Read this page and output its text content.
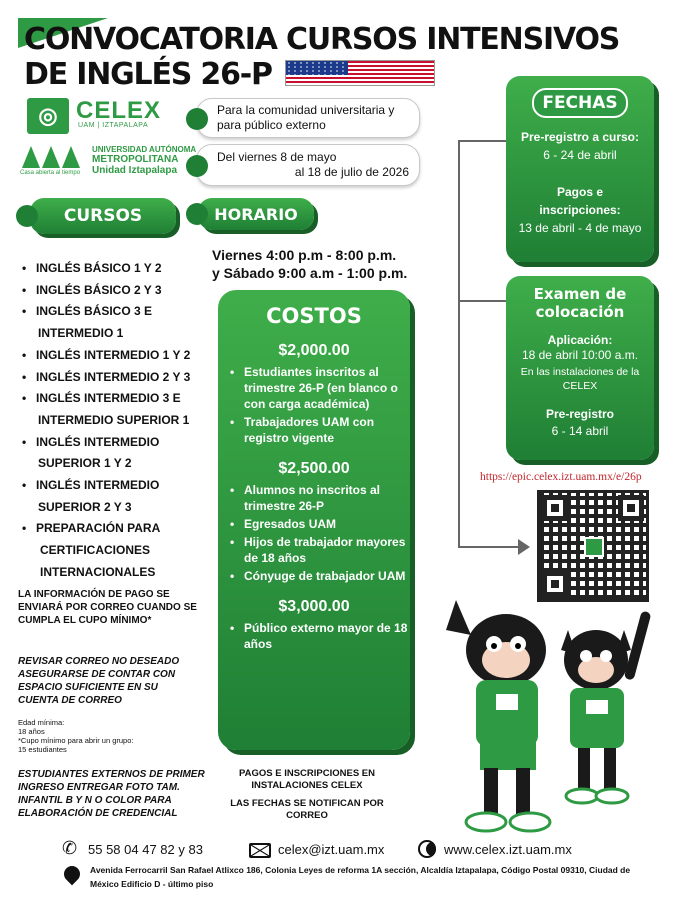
CONVOCATORIA CURSOS INTENSIVOS
DE INGLÉS 26-P
◎ CELEX
UAM | IZTAPALAPA
UNIVERSIDAD AUTÓNOMA
METROPOLITANA
Unidad Iztapalapa
Casa abierta al tiempo
Para la comunidad universitaria y para público externo
Del viernes 8 de mayo
al 18 de julio de 2026
CURSOS
• INGLÉS BÁSICO 1 Y 2
• INGLÉS BÁSICO 2 Y 3
• INGLÉS BÁSICO 3 E
INTERMEDIO 1
• INGLÉS INTERMEDIO 1 Y 2
• INGLÉS INTERMEDIO 2 Y 3
• INGLÉS INTERMEDIO 3 E
INTERMEDIO SUPERIOR 1
• INGLÉS INTERMEDIO
SUPERIOR 1 Y 2
• INGLÉS INTERMEDIO
SUPERIOR 2 Y 3
• PREPARACIÓN PARA
CERTIFICACIONES INTERNACIONALES
LA INFORMACIÓN DE PAGO SE ENVIARÁ POR CORREO CUANDO SE CUMPLA EL CUPO MÍNIMO*
REVISAR CORREO NO DESEADO ASEGURARSE DE CONTAR CON ESPACIO SUFICIENTE EN SU CUENTA DE CORREO
Edad mínima:
18 años
*Cupo mínimo para abrir un grupo:
15 estudiantes
ESTUDIANTES EXTERNOS DE PRIMER INGRESO ENTREGAR FOTO TAM. INFANTIL B Y N O COLOR PARA ELABORACIÓN DE CREDENCIAL
HORARIO
Viernes 4:00 p.m - 8:00 p.m.
y Sábado 9:00 a.m - 1:00 p.m.
COSTOS
$2,000.00
• Estudiantes inscritos al trimestre 26-P (en blanco o con carga académica)
• Trabajadores UAM con registro vigente
$2,500.00
• Alumnos no inscritos al trimestre 26-P
• Egresados UAM
• Hijos de trabajador mayores de 18 años
• Cónyuge de trabajador UAM
$3,000.00
• Público externo mayor de 18 años
PAGOS E INSCRIPCIONES EN INSTALACIONES CELEX
LAS FECHAS SE NOTIFICAN POR CORREO
FECHAS
Pre-registro a curso:
6 - 24 de abril
Pagos e inscripciones:
13 de abril - 4 de mayo
Examen de colocación
Aplicación:
18 de abril 10:00 a.m.
En las instalaciones de la CELEX
Pre-registro
6 - 14 abril
https://epic.celex.izt.uam.mx/e/26p
✆ 55 58 04 47 82 y 83	celex@izt.uam.mx	www.celex.izt.uam.mx
Avenida Ferrocarril San Rafael Atlixco 186, Colonia Leyes de reforma 1A sección, Alcaldía Iztapalapa, Código Postal 09310, Ciudad de México Edificio D - último piso
